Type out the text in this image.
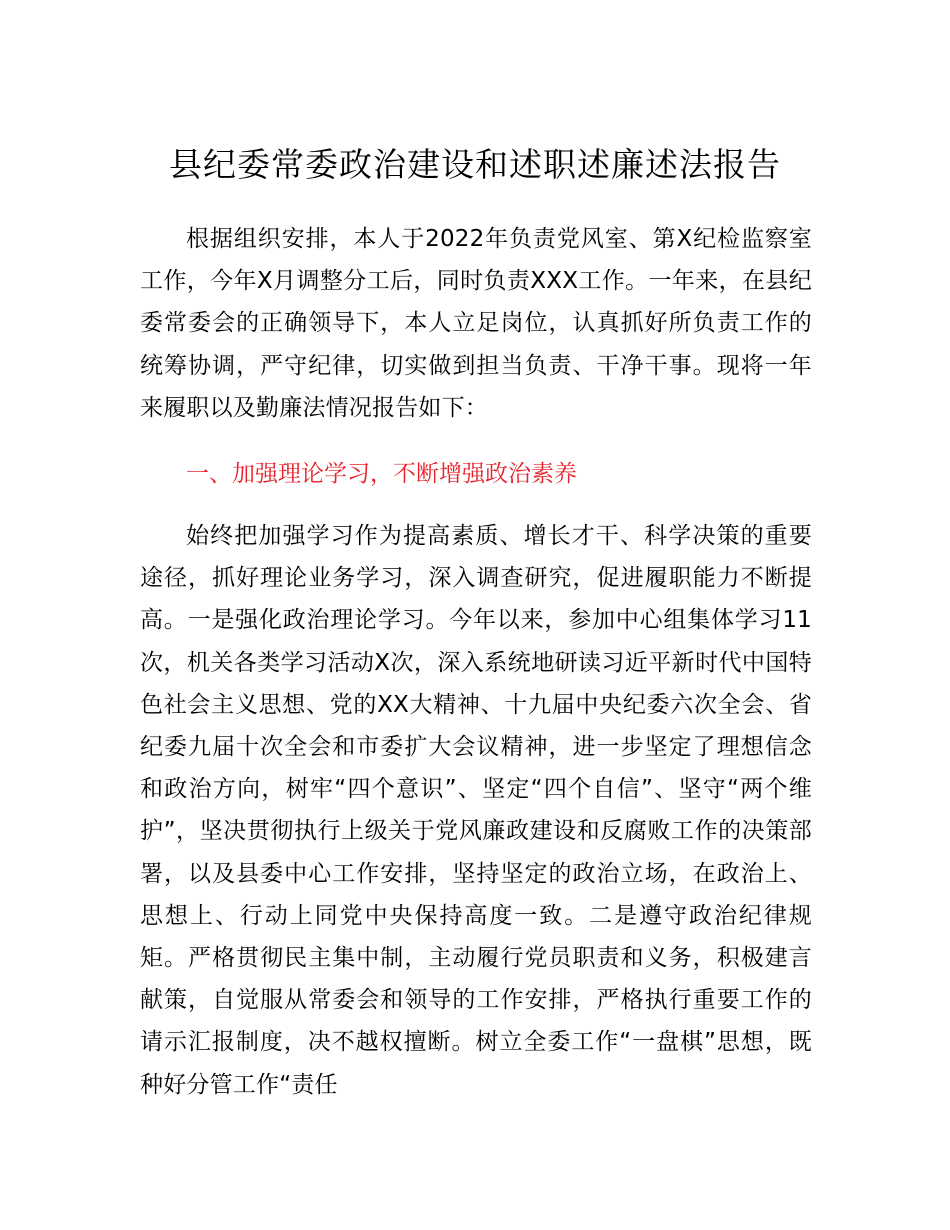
县纪委常委政治建设和述职述廉述法报告
根据组织安排，本人于2022年负责党风室、第X纪检监察室工作，今年X月调整分工后，同时负责XXX工作。一年来，在县纪委常委会的正确领导下，本人立足岗位，认真抓好所负责工作的统筹协调，严守纪律，切实做到担当负责、干净干事。现将一年来履职以及勤廉法情况报告如下：
一、加强理论学习，不断增强政治素养
始终把加强学习作为提高素质、增长才干、科学决策的重要途径，抓好理论业务学习，深入调查研究，促进履职能力不断提高。一是强化政治理论学习。今年以来，参加中心组集体学习11次，机关各类学习活动X次，深入系统地研读习近平新时代中国特色社会主义思想、党的XX大精神、十九届中央纪委六次全会、省纪委九届十次全会和市委扩大会议精神，进一步坚定了理想信念和政治方向，树牢“四个意识”、坚定“四个自信”、坚守“两个维护”，坚决贯彻执行上级关于党风廉政建设和反腐败工作的决策部署，以及县委中心工作安排，坚持坚定的政治立场，在政治上、思想上、行动上同党中央保持高度一致。二是遵守政治纪律规矩。严格贯彻民主集中制，主动履行党员职责和义务，积极建言献策，自觉服从常委会和领导的工作安排，严格执行重要工作的请示汇报制度，决不越权擅断。树立全委工作“一盘棋”思想，既种好分管工作“责任
